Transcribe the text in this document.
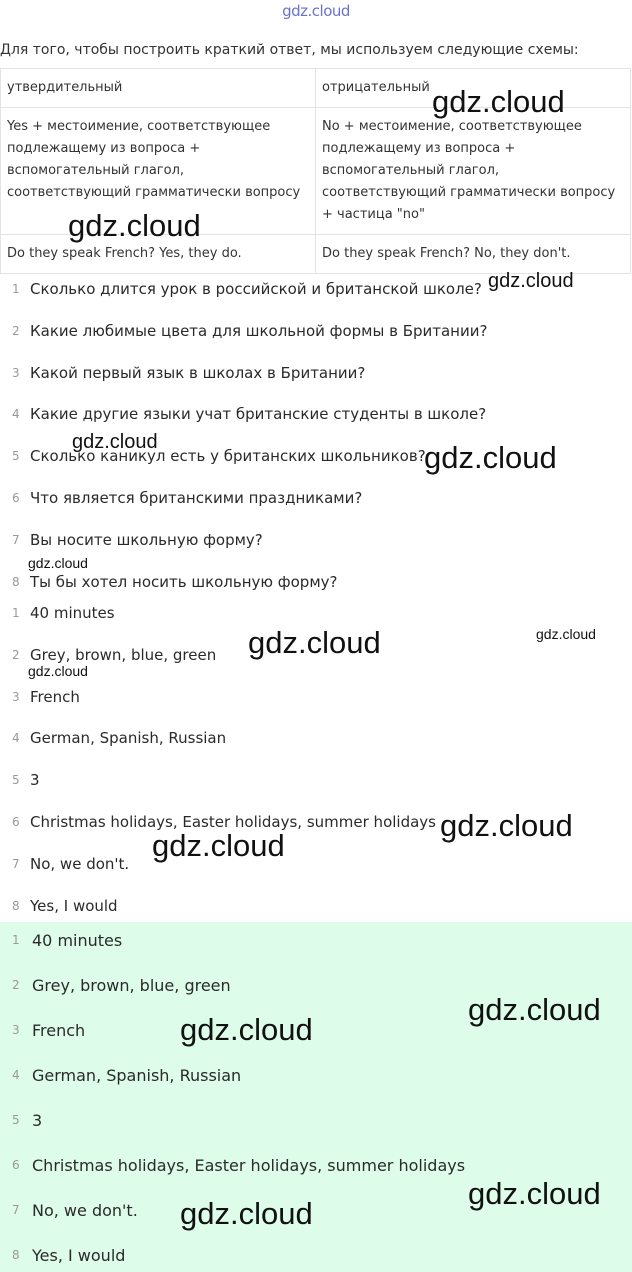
gdz.cloud
Для того, чтобы построить краткий ответ, мы используем следующие схемы:
утвердительный	отрицательный
Yes + местоимение, соответствующее подлежащему из вопроса + вспомогательный глагол, соответствующий грамматически вопросу	No + местоимение, соответствующее подлежащему из вопроса + вспомогательный глагол, соответствующий грамматически вопросу + частица "no"
Do they speak French? Yes, they do.	Do they speak French? No, they don't.
1 Сколько длится урок в российской и британской школе?
2 Какие любимые цвета для школьной формы в Британии?
3 Какой первый язык в школах в Британии?
4 Какие другие языки учат британские студенты в школе?
5 Сколько каникул есть у британских школьников?
6 Что является британскими праздниками?
7 Вы носите школьную форму?
8 Ты бы хотел носить школьную форму?
1 40 minutes
2 Grey, brown, blue, green
3 French
4 German, Spanish, Russian
5 3
6 Christmas holidays, Easter holidays, summer holidays
7 No, we don't.
8 Yes, I would
1 40 minutes
2 Grey, brown, blue, green
3 French
4 German, Spanish, Russian
5 3
6 Christmas holidays, Easter holidays, summer holidays
7 No, we don't.
8 Yes, I would
gdz.cloud
gdz.cloud
gdz.cloud
gdz.cloud	gdz.cloud
gdz.cloud
gdz.cloud	gdz.cloud
gdz.cloud
gdz.cloud
gdz.cloud
gdz.cloud
gdz.cloud
gdz.cloud
gdz.cloud
